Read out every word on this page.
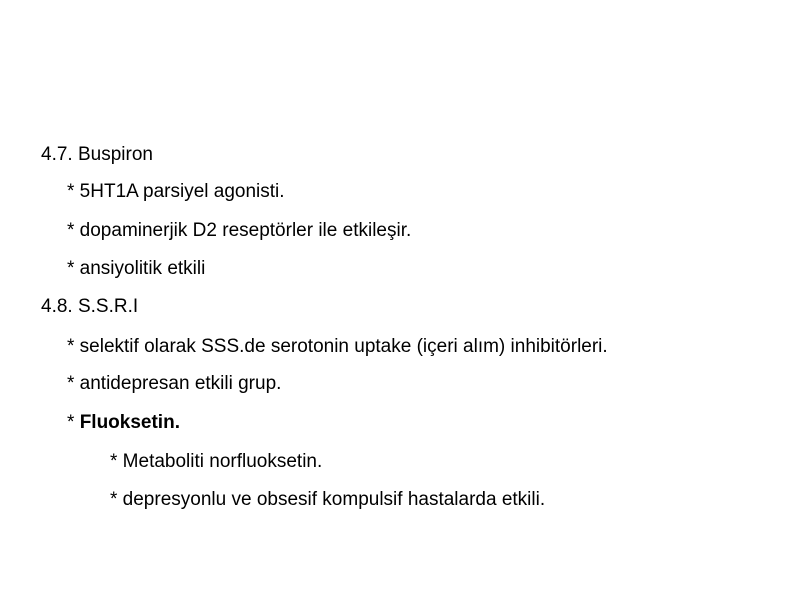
4.7. Buspiron
* 5HT1A parsiyel agonisti.
* dopaminerjik D2 reseptörler ile etkileşir.
* ansiyolitik etkili
4.8. S.S.R.I
* selektif olarak SSS.de serotonin uptake (içeri alım) inhibitörleri.
* antidepresan etkili grup.
* Fluoksetin.
* Metaboliti norfluoksetin.
* depresyonlu ve obsesif kompulsif hastalarda etkili.
